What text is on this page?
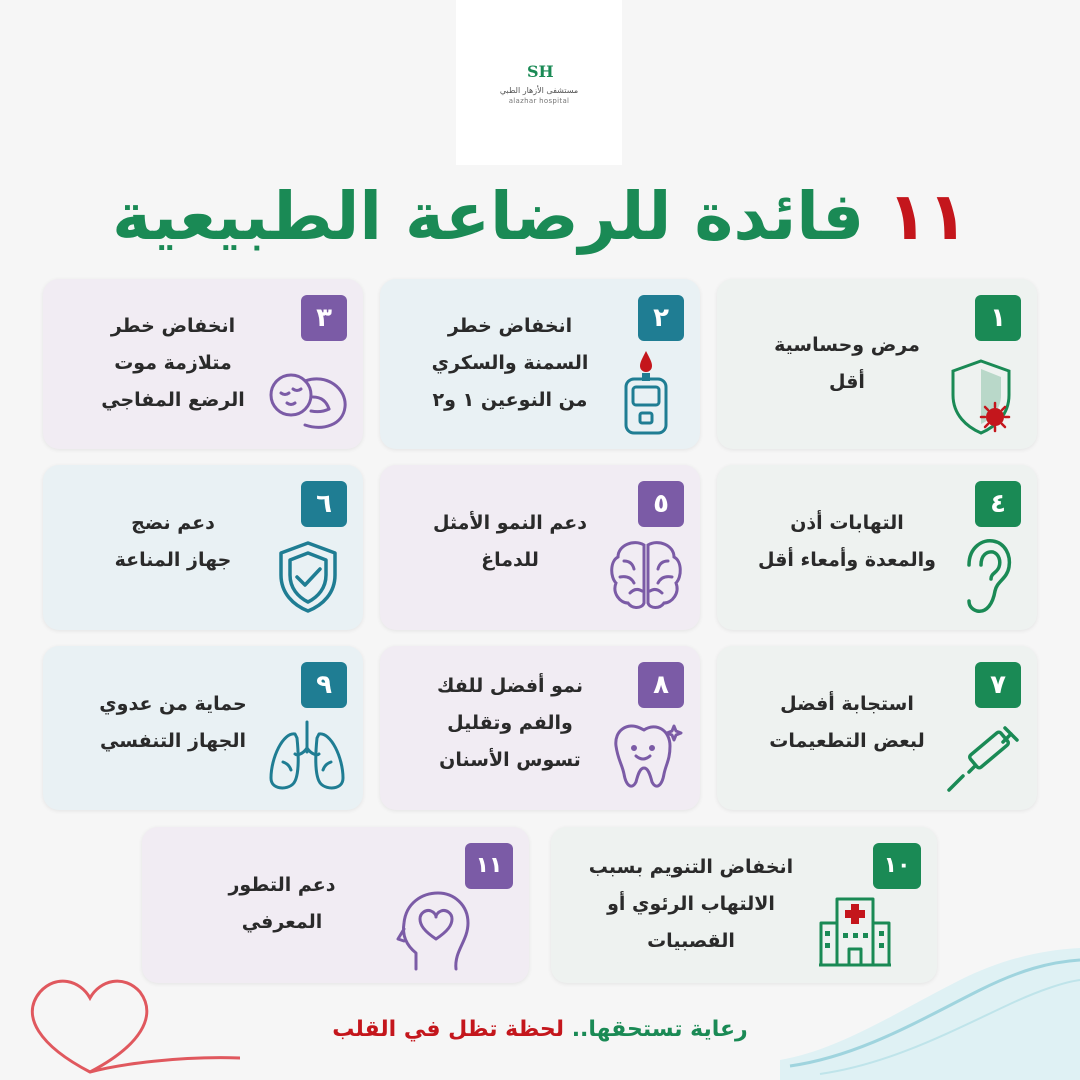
SH
مستشفى الأزهار الطبي
alazhar hospital
١١ فائدة للرضاعة الطبيعية
١
مرض وحساسية
أقل
٢
انخفاض خطر
السمنة والسكري
من النوعين ١ و٢
٣
انخفاض خطر
متلازمة موت
الرضع المفاجي
٤
التهابات أذن
والمعدة وأمعاء أقل
٥
دعم النمو الأمثل
للدماغ
٦
دعم نضج
جهاز المناعة
٧
استجابة أفضل
لبعض التطعيمات
٨
نمو أفضل للفك
والفم وتقليل
تسوس الأسنان
٩
حماية من عدوي
الجهاز التنفسي
١٠
انخفاض التنويم بسبب
الالتهاب الرئوي أو
القصبيات
١١
دعم التطور
المعرفي
رعاية تستحقها.. لحظة تظل في القلب
